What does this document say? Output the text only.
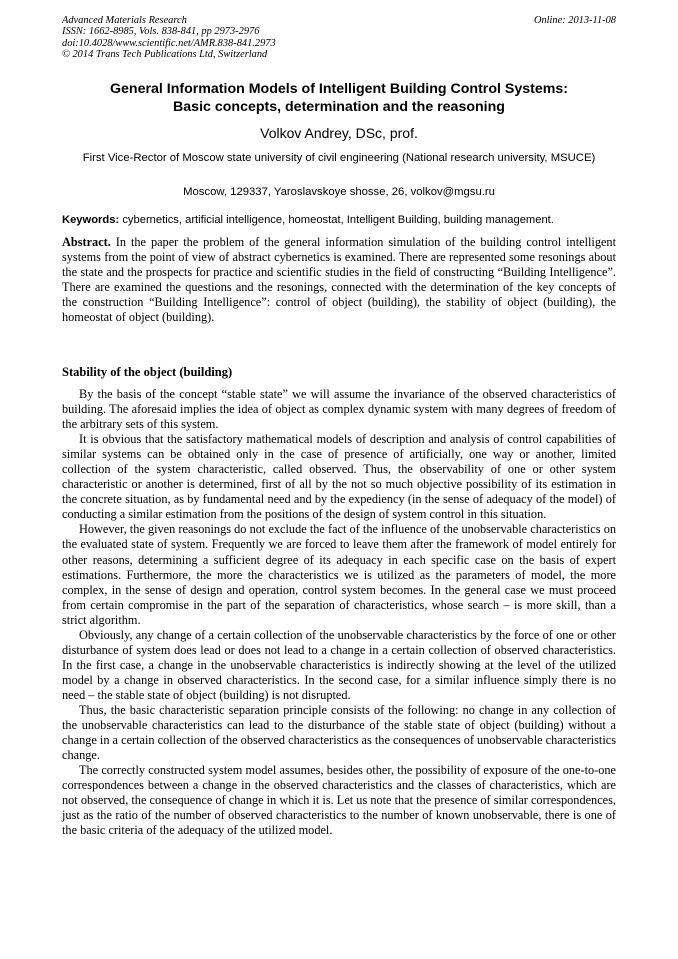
Advanced Materials Research
ISSN: 1662-8985, Vols. 838-841, pp 2973-2976
doi:10.4028/www.scientific.net/AMR.838-841.2973
© 2014 Trans Tech Publications Ltd, Switzerland
Online: 2013-11-08
General Information Models of Intelligent Building Control Systems:
Basic concepts, determination and the reasoning
Volkov Andrey, DSc, prof.
First Vice-Rector of Moscow state university of civil engineering (National research university, MSUCE)
Moscow, 129337, Yaroslavskoye shosse, 26, volkov@mgsu.ru
Keywords: cybernetics, artificial intelligence, homeostat, Intelligent Building, building management.
Abstract. In the paper the problem of the general information simulation of the building control intelligent systems from the point of view of abstract cybernetics is examined. There are represented some resonings about the state and the prospects for practice and scientific studies in the field of constructing “Building Intelligence”. There are examined the questions and the resonings, connected with the determination of the key concepts of the construction “Building Intelligence”: control of object (building), the stability of object (building), the homeostat of object (building).
Stability of the object (building)

By the basis of the concept “stable state” we will assume the invariance of the observed characteristics of building. The aforesaid implies the idea of object as complex dynamic system with many degrees of freedom of the arbitrary sets of this system.

It is obvious that the satisfactory mathematical models of description and analysis of control capabilities of similar systems can be obtained only in the case of presence of artificially, one way or another, limited collection of the system characteristic, called observed. Thus, the observability of one or other system characteristic or another is determined, first of all by the not so much objective possibility of its estimation in the concrete situation, as by fundamental need and by the expediency (in the sense of adequacy of the model) of conducting a similar estimation from the positions of the design of system control in this situation.

However, the given reasonings do not exclude the fact of the influence of the unobservable characteristics on the evaluated state of system. Frequently we are forced to leave them after the framework of model entirely for other reasons, determining a sufficient degree of its adequacy in each specific case on the basis of expert estimations. Furthermore, the more the characteristics we is utilized as the parameters of model, the more complex, in the sense of design and operation, control system becomes. In the general case we must proceed from certain compromise in the part of the separation of characteristics, whose search – is more skill, than a strict algorithm.

Obviously, any change of a certain collection of the unobservable characteristics by the force of one or other disturbance of system does lead or does not lead to a change in a certain collection of observed characteristics. In the first case, a change in the unobservable characteristics is indirectly showing at the level of the utilized model by a change in observed characteristics. In the second case, for a similar influence simply there is no need – the stable state of object (building) is not disrupted.

Thus, the basic characteristic separation principle consists of the following: no change in any collection of the unobservable characteristics can lead to the disturbance of the stable state of object (building) without a change in a certain collection of the observed characteristics as the consequences of unobservable characteristics change.

The correctly constructed system model assumes, besides other, the possibility of exposure of the one-to-one correspondences between a change in the observed characteristics and the classes of characteristics, which are not observed, the consequence of change in which it is. Let us note that the presence of similar correspondences, just as the ratio of the number of observed characteristics to the number of known unobservable, there is one of the basic criteria of the adequacy of the utilized model.
